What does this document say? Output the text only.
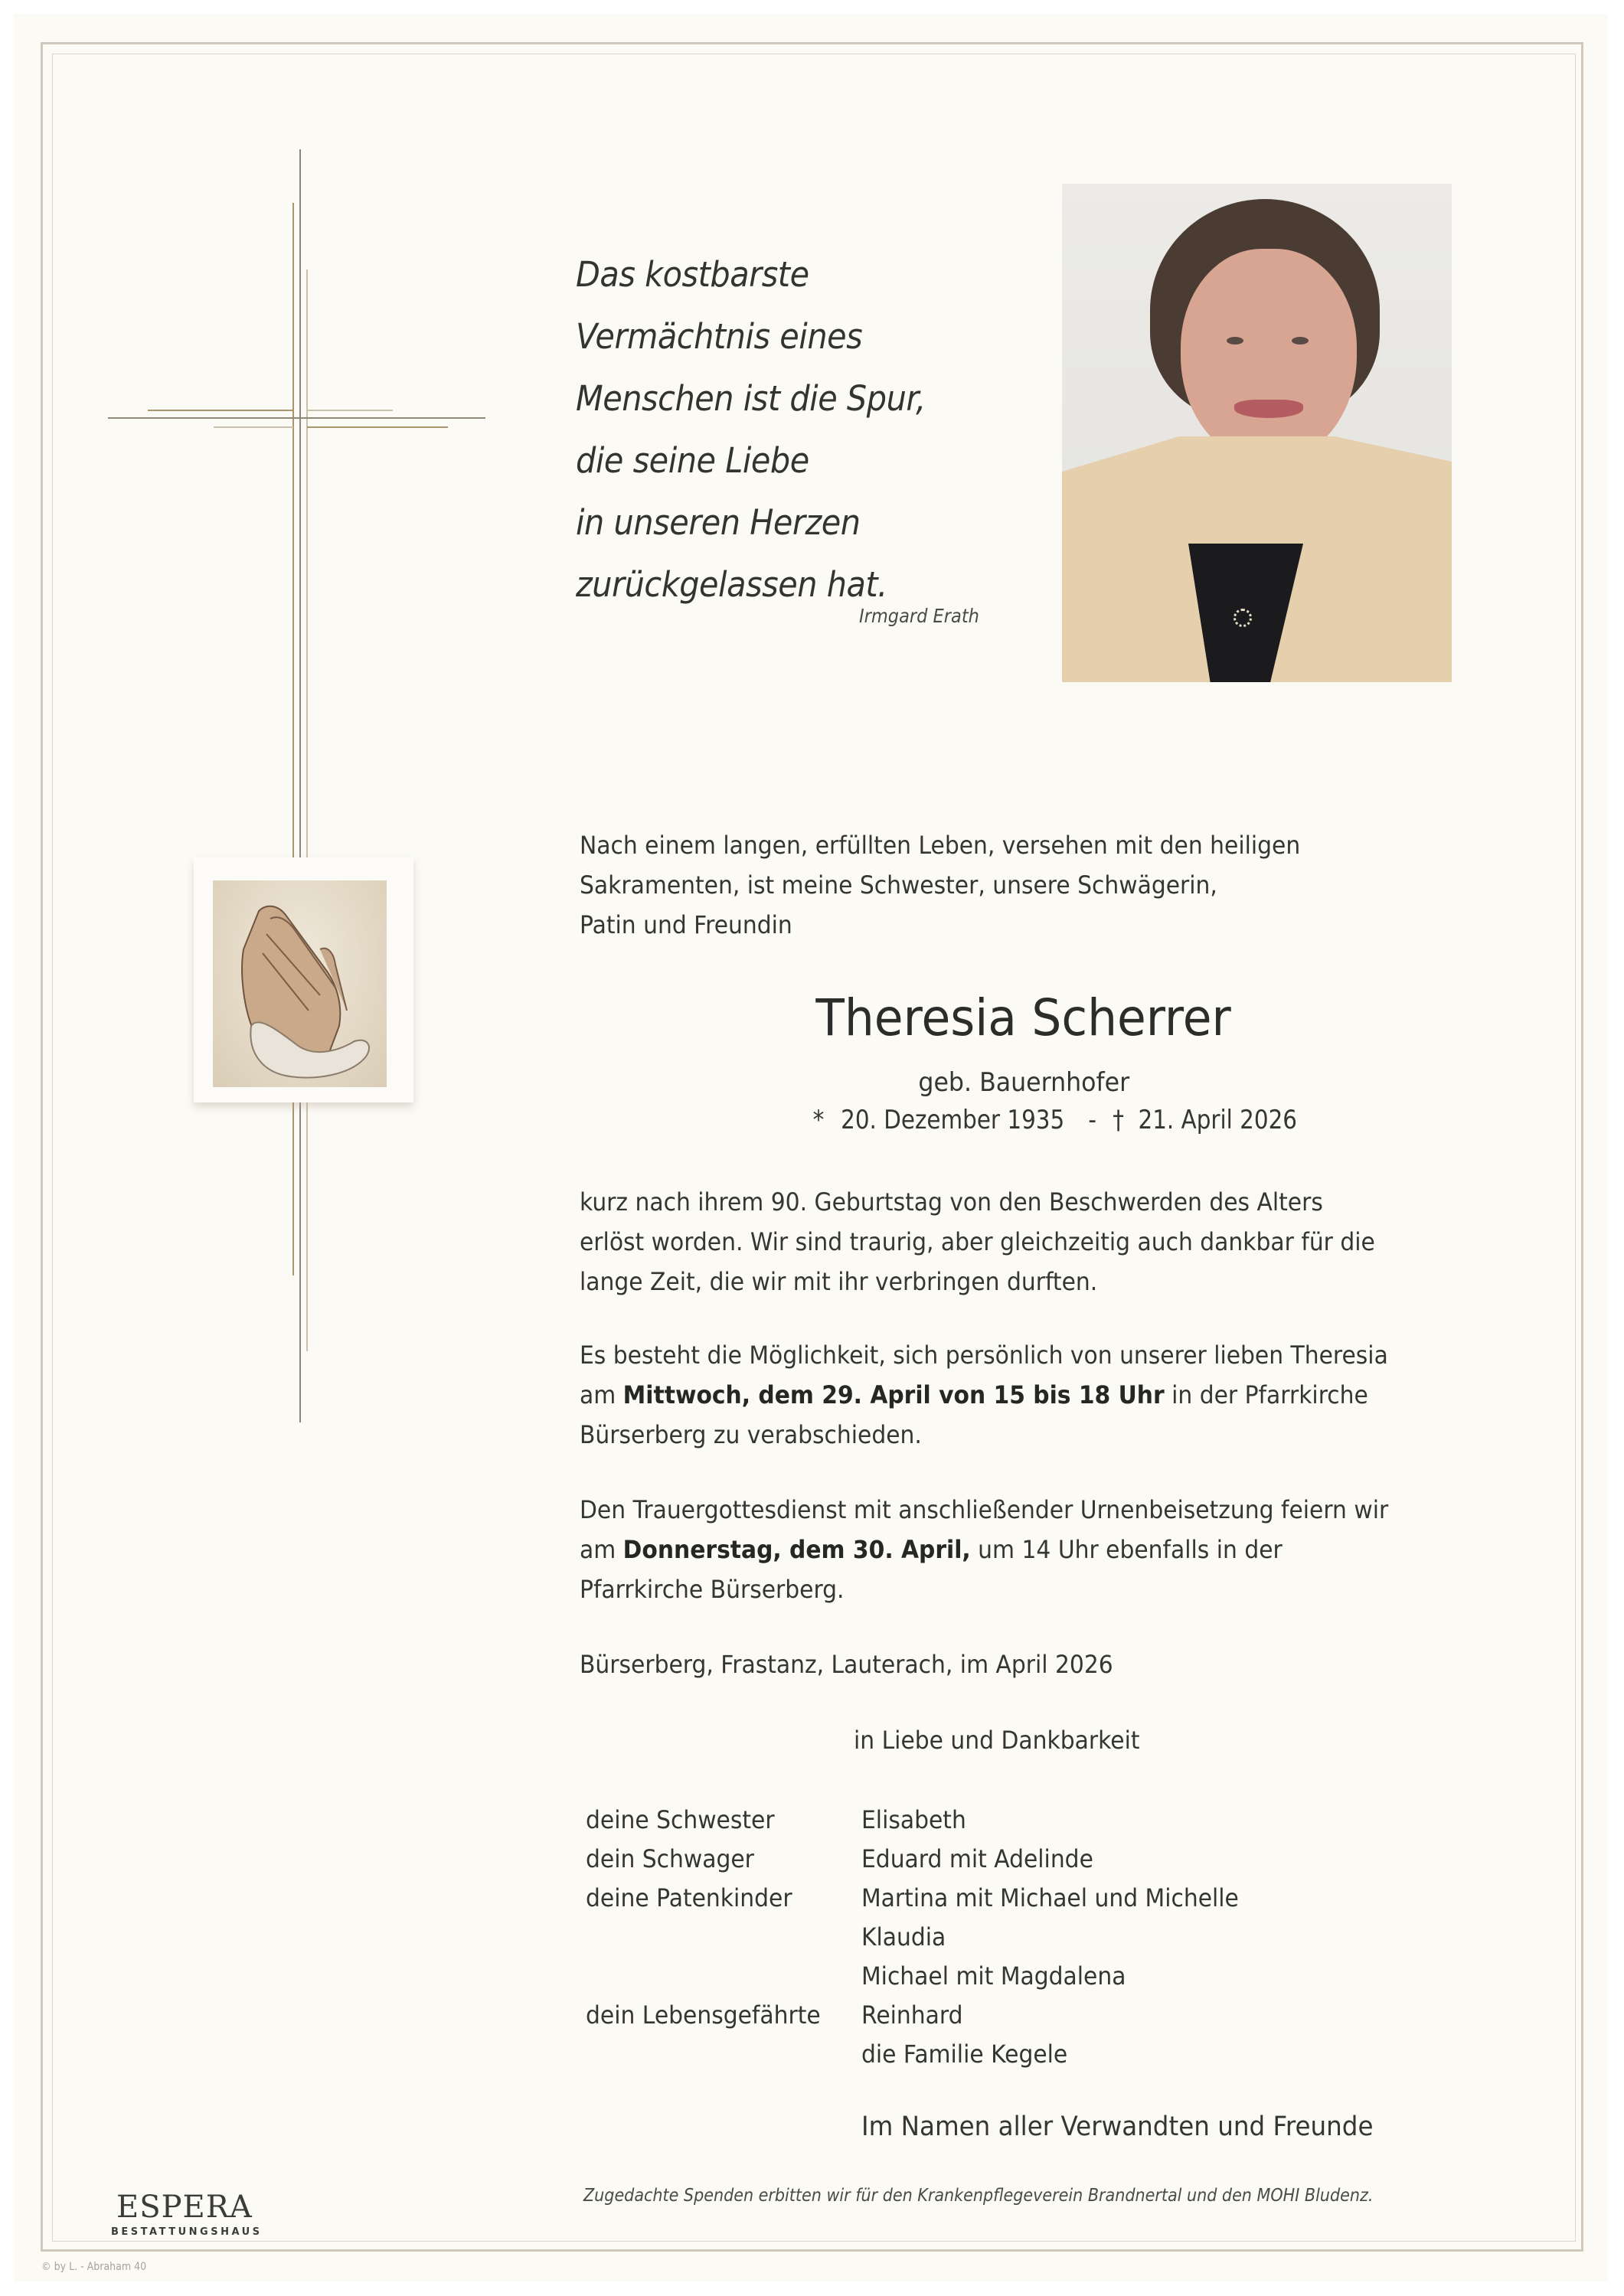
Das kostbarste
Vermächtnis eines
Menschen ist die Spur,
die seine Liebe
in unseren Herzen
zurückgelassen hat.
Irmgard Erath
Nach einem langen, erfüllten Leben, versehen mit den heiligen
Sakramenten, ist meine Schwester, unsere Schwägerin,
Patin und Freundin
Theresia Scherrer
geb. Bauernhofer
* 20. Dezember 1935 - † 21. April 2026
kurz nach ihrem 90. Geburtstag von den Beschwerden des Alters
erlöst worden. Wir sind traurig, aber gleichzeitig auch dankbar für die
lange Zeit, die wir mit ihr verbringen durften.
Es besteht die Möglichkeit, sich persönlich von unserer lieben Theresia
am Mittwoch, dem 29. April von 15 bis 18 Uhr in der Pfarrkirche
Bürserberg zu verabschieden.
Den Trauergottesdienst mit anschließender Urnenbeisetzung feiern wir
am Donnerstag, dem 30. April, um 14 Uhr ebenfalls in der
Pfarrkirche Bürserberg.
Bürserberg, Frastanz, Lauterach, im April 2026
in Liebe und Dankbarkeit
deine Schwester	Elisabeth
dein Schwager	Eduard mit Adelinde
deine Patenkinder	Martina mit Michael und Michelle
Klaudia
Michael mit Magdalena
dein Lebensgefährte Reinhard
die Familie Kegele
Im Namen aller Verwandten und Freunde
Zugedachte Spenden erbitten wir für den Krankenpflegeverein Brandnertal und den MOHI Bludenz.
ESPERA
BESTATTUNGSHAUS
© by L. - Abraham 40
